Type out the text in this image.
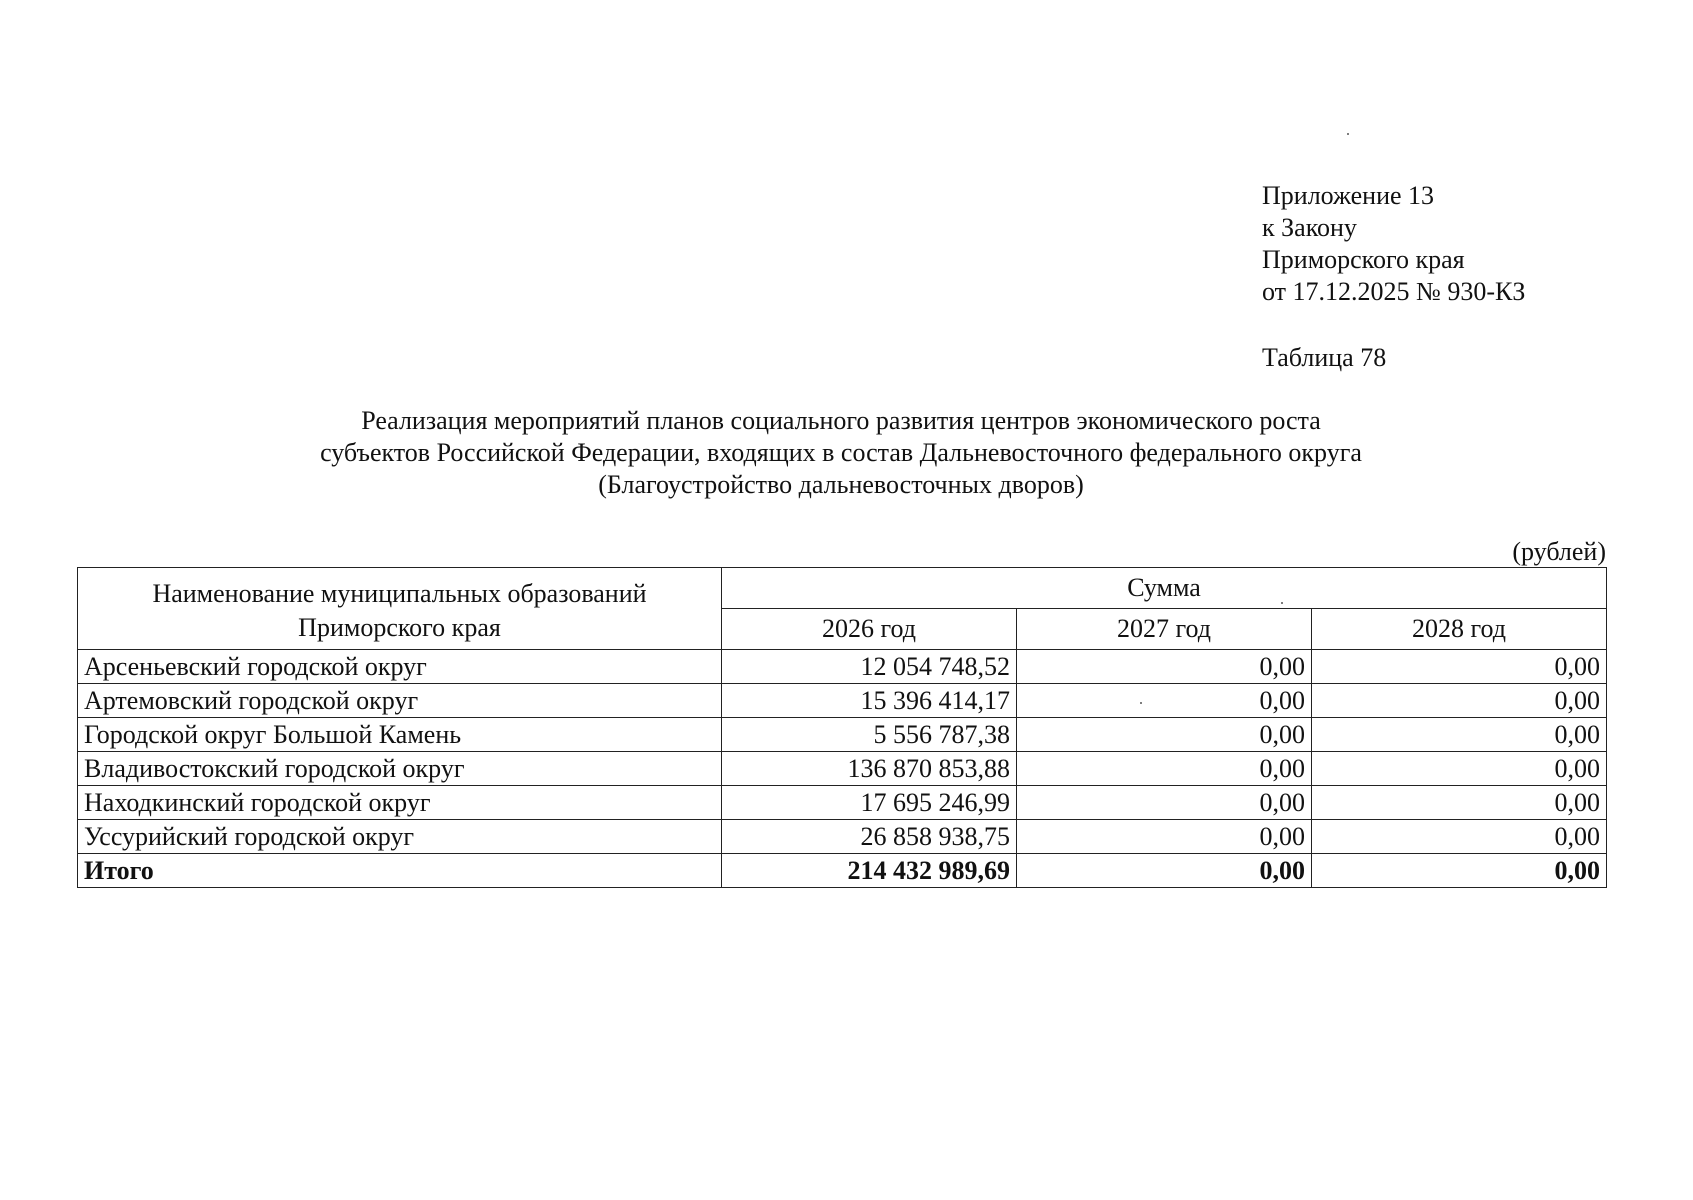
Приложение 13
к Закону
Приморского края
от 17.12.2025 № 930-КЗ
Таблица 78
Реализация мероприятий планов социального развития центров экономического роста
субъектов Российской Федерации, входящих в состав Дальневосточного федерального округа
(Благоустройство дальневосточных дворов)
(рублей)
Наименование муниципальных образований Приморского края	Сумма		
	2026 год	2027 год	2028 год
Арсеньевский городской округ	12 054 748,52	0,00	0,00
Артемовский городской округ	15 396 414,17	0,00	0,00
Городской округ Большой Камень	5 556 787,38	0,00	0,00
Владивостокский городской округ	136 870 853,88	0,00	0,00
Находкинский городской округ	17 695 246,99	0,00	0,00
Уссурийский городской округ	26 858 938,75	0,00	0,00
Итого	214 432 989,69	0,00	0,00
